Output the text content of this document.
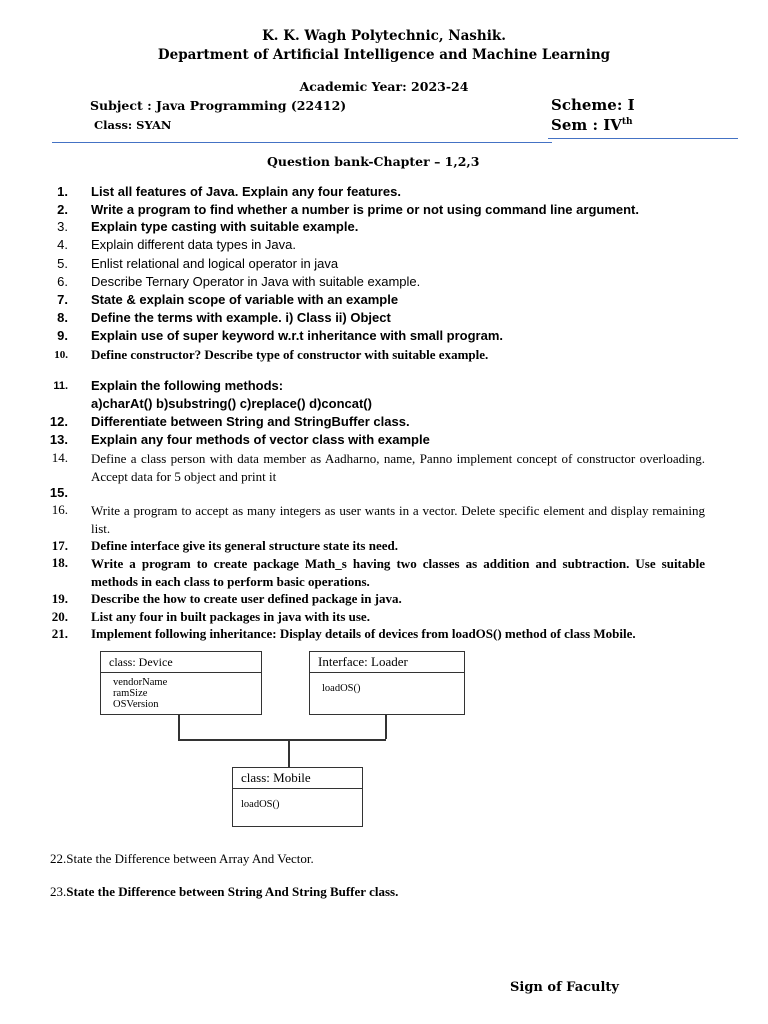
K. K. Wagh Polytechnic, Nashik.
Department of Artificial Intelligence and Machine Learning
Academic Year: 2023-24
Subject : Java Programming (22412)
Class: SYAN
Scheme: I
Sem : IVth
Question bank-Chapter – 1,2,3
1. List all features of Java. Explain any four features.
2. Write a program to find whether a number is prime or not using command line argument.
3. Explain type casting with suitable example.
4. Explain different data types in Java.
5. Enlist relational and logical operator in java
6. Describe Ternary Operator in Java with suitable example.
7. State & explain scope of variable with an example
8. Define the terms with example. i) Class ii) Object
9. Explain use of super keyword w.r.t inheritance with small program.
10. Define constructor? Describe type of constructor with suitable example.
11. Explain the following methods:
a)charAt() b)substring() c)replace() d)concat()
12. Differentiate between String and StringBuffer class.
13. Explain any four methods of vector class with example
14. Define a class person with data member as Aadharno, name, Panno implement concept of constructor overloading. Accept data for 5 object and print it
15.
16. Write a program to accept as many integers as user wants in a vector. Delete specific element and display remaining list.
17. Define interface give its general structure state its need.
18. Write a program to create package Math_s having two classes as addition and subtraction. Use suitable methods in each class to perform basic operations.
19. Describe the how to create user defined package in java.
20. List any four in built packages in java with its use.
21. Implement following inheritance: Display details of devices from loadOS() method of class Mobile.
class: Device
vendorName
ramSize
OSVersion
Interface: Loader
loadOS()
class: Mobile
loadOS()
22.State the Difference between Array And Vector.
23.State the Difference between String And String Buffer class.
Sign of Faculty
